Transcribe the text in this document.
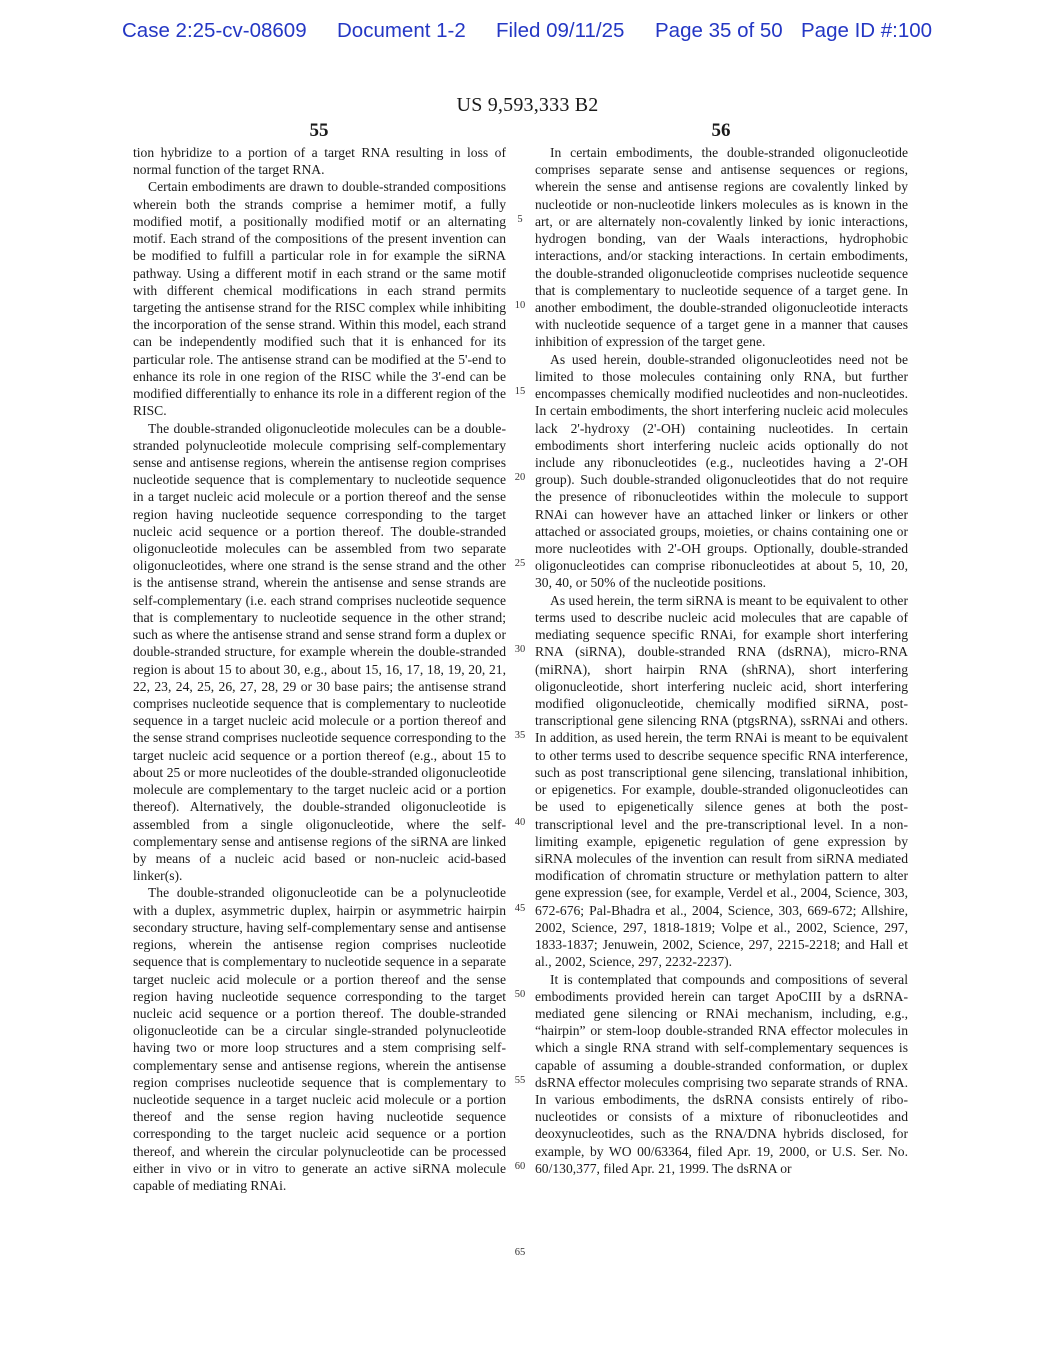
Case 2:25-cv-08609 Document 1-2 Filed 09/11/25 Page 35 of 50 Page ID #:100
US 9,593,333 B2
55	56

tion hybridize to a portion of a target RNA resulting in loss of normal function of the target RNA.

Certain embodiments are drawn to double-stranded compositions wherein both the strands comprise a hemimer motif, a fully modified motif, a positionally modified motif or an alternating motif. Each strand of the compositions of the present invention can be modified to fulfill a particular role in for example the siRNA pathway. Using a different motif in each strand or the same motif with different chemical modifications in each strand permits targeting the antisense strand for the RISC complex while inhibiting the incorporation of the sense strand. Within this model, each strand can be independently modified such that it is enhanced for its particular role. The antisense strand can be modified at the 5'-end to enhance its role in one region of the RISC while the 3'-end can be modified differentially to enhance its role in a different region of the RISC.

The double-stranded oligonucleotide molecules can be a double-stranded polynucleotide molecule comprising self-complementary sense and antisense regions, wherein the antisense region comprises nucleotide sequence that is complementary to nucleotide sequence in a target nucleic acid molecule or a portion thereof and the sense region having nucleotide sequence corresponding to the target nucleic acid sequence or a portion thereof. The double-stranded oligonucleotide molecules can be assembled from two separate oligonucleotides, where one strand is the sense strand and the other is the antisense strand, wherein the antisense and sense strands are self-complementary (i.e. each strand comprises nucleotide sequence that is complementary to nucleotide sequence in the other strand; such as where the antisense strand and sense strand form a duplex or double-stranded structure, for example wherein the double-stranded region is about 15 to about 30, e.g., about 15, 16, 17, 18, 19, 20, 21, 22, 23, 24, 25, 26, 27, 28, 29 or 30 base pairs; the antisense strand comprises nucleotide sequence that is complementary to nucleotide sequence in a target nucleic acid molecule or a portion thereof and the sense strand comprises nucleotide sequence corresponding to the target nucleic acid sequence or a portion thereof (e.g., about 15 to about 25 or more nucleotides of the double-stranded oligonucleotide molecule are complementary to the target nucleic acid or a portion thereof). Alternatively, the double-stranded oligonucleotide is assembled from a single oligonucleotide, where the self-complementary sense and antisense regions of the siRNA are linked by means of a nucleic acid based or non-nucleic acid-based linker(s).

The double-stranded oligonucleotide can be a polynucleotide with a duplex, asymmetric duplex, hairpin or asymmetric hairpin secondary structure, having self-complementary sense and antisense regions, wherein the antisense region comprises nucleotide sequence that is complementary to nucleotide sequence in a separate target nucleic acid molecule or a portion thereof and the sense region having nucleotide sequence corresponding to the target nucleic acid sequence or a portion thereof. The double-stranded oligonucleotide can be a circular single-stranded polynucleotide having two or more loop structures and a stem comprising self-complementary sense and antisense regions, wherein the antisense region comprises nucleotide sequence that is complementary to nucleotide sequence in a target nucleic acid molecule or a portion thereof and the sense region having nucleotide sequence corresponding to the target nucleic acid sequence or a portion thereof, and wherein the circular polynucleotide can be processed either in vivo or in vitro to generate an active siRNA molecule capable of mediating RNAi.

In certain embodiments, the double-stranded oligonucleotide comprises separate sense and antisense sequences or regions, wherein the sense and antisense regions are covalently linked by nucleotide or non-nucleotide linkers molecules as is known in the art, or are alternately non-covalently linked by ionic interactions, hydrogen bonding, van der Waals interactions, hydrophobic interactions, and/or stacking interactions. In certain embodiments, the double-stranded oligonucleotide comprises nucleotide sequence that is complementary to nucleotide sequence of a target gene. In another embodiment, the double-stranded oligonucleotide interacts with nucleotide sequence of a target gene in a manner that causes inhibition of expression of the target gene.

As used herein, double-stranded oligonucleotides need not be limited to those molecules containing only RNA, but further encompasses chemically modified nucleotides and non-nucleotides. In certain embodiments, the short interfering nucleic acid molecules lack 2'-hydroxy (2'-OH) containing nucleotides. In certain embodiments short interfering nucleic acids optionally do not include any ribonucleotides (e.g., nucleotides having a 2'-OH group). Such double-stranded oligonucleotides that do not require the presence of ribonucleotides within the molecule to support RNAi can however have an attached linker or linkers or other attached or associated groups, moieties, or chains containing one or more nucleotides with 2'-OH groups. Optionally, double-stranded oligonucleotides can comprise ribonucleotides at about 5, 10, 20, 30, 40, or 50% of the nucleotide positions.

As used herein, the term siRNA is meant to be equivalent to other terms used to describe nucleic acid molecules that are capable of mediating sequence specific RNAi, for example short interfering RNA (siRNA), double-stranded RNA (dsRNA), micro-RNA (miRNA), short hairpin RNA (shRNA), short interfering oligonucleotide, short interfering nucleic acid, short interfering modified oligonucleotide, chemically modified siRNA, post-transcriptional gene silencing RNA (ptgsRNA), ssRNAi and others. In addition, as used herein, the term RNAi is meant to be equivalent to other terms used to describe sequence specific RNA interference, such as post transcriptional gene silencing, translational inhibition, or epigenetics. For example, double-stranded oligonucleotides can be used to epigenetically silence genes at both the post-transcriptional level and the pre-transcriptional level. In a non-limiting example, epigenetic regulation of gene expression by siRNA molecules of the invention can result from siRNA mediated modification of chromatin structure or methylation pattern to alter gene expression (see, for example, Verdel et al., 2004, Science, 303, 672-676; Pal-Bhadra et al., 2004, Science, 303, 669-672; Allshire, 2002, Science, 297, 1818-1819; Volpe et al., 2002, Science, 297, 1833-1837; Jenuwein, 2002, Science, 297, 2215-2218; and Hall et al., 2002, Science, 297, 2232-2237).

It is contemplated that compounds and compositions of several embodiments provided herein can target ApoCIII by a dsRNA-mediated gene silencing or RNAi mechanism, including, e.g., “hairpin” or stem-loop double-stranded RNA effector molecules in which a single RNA strand with self-complementary sequences is capable of assuming a double-stranded conformation, or duplex dsRNA effector molecules comprising two separate strands of RNA. In various embodiments, the dsRNA consists entirely of ribonucleotides or consists of a mixture of ribonucleotides and deoxynucleotides, such as the RNA/DNA hybrids disclosed, for example, by WO 00/63364, filed Apr. 19, 2000, or U.S. Ser. No. 60/130,377, filed Apr. 21, 1999. The dsRNA or

5
10
15
20
25
30
35
40
45
50
55
60
65
